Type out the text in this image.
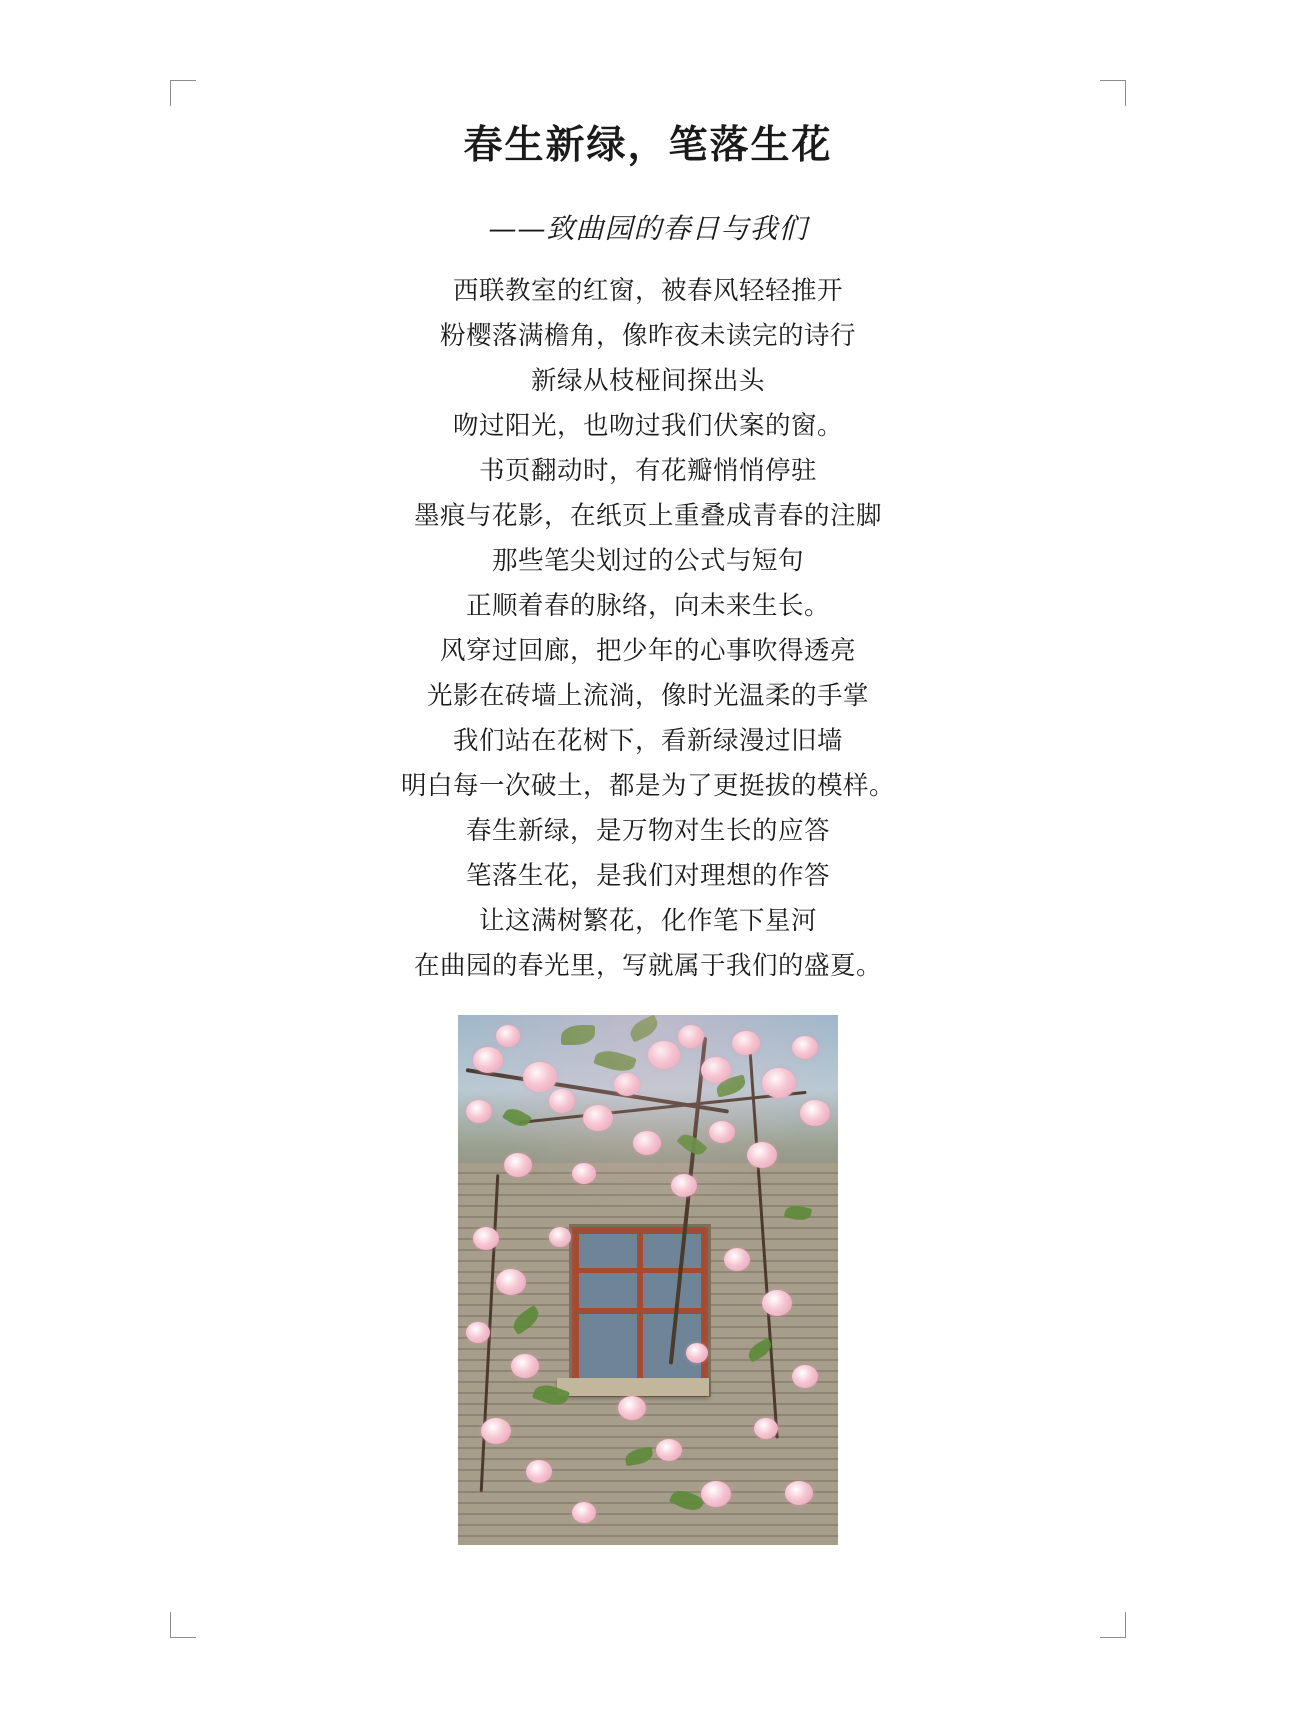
春生新绿，笔落生花
——致曲园的春日与我们
西联教室的红窗，被春风轻轻推开
粉樱落满檐角，像昨夜未读完的诗行
新绿从枝桠间探出头
吻过阳光，也吻过我们伏案的窗。
书页翻动时，有花瓣悄悄停驻
墨痕与花影，在纸页上重叠成青春的注脚
那些笔尖划过的公式与短句
正顺着春的脉络，向未来生长。
风穿过回廊，把少年的心事吹得透亮
光影在砖墙上流淌，像时光温柔的手掌
我们站在花树下，看新绿漫过旧墙
明白每一次破土，都是为了更挺拔的模样。
春生新绿，是万物对生长的应答
笔落生花，是我们对理想的作答
让这满树繁花，化作笔下星河
在曲园的春光里，写就属于我们的盛夏。
